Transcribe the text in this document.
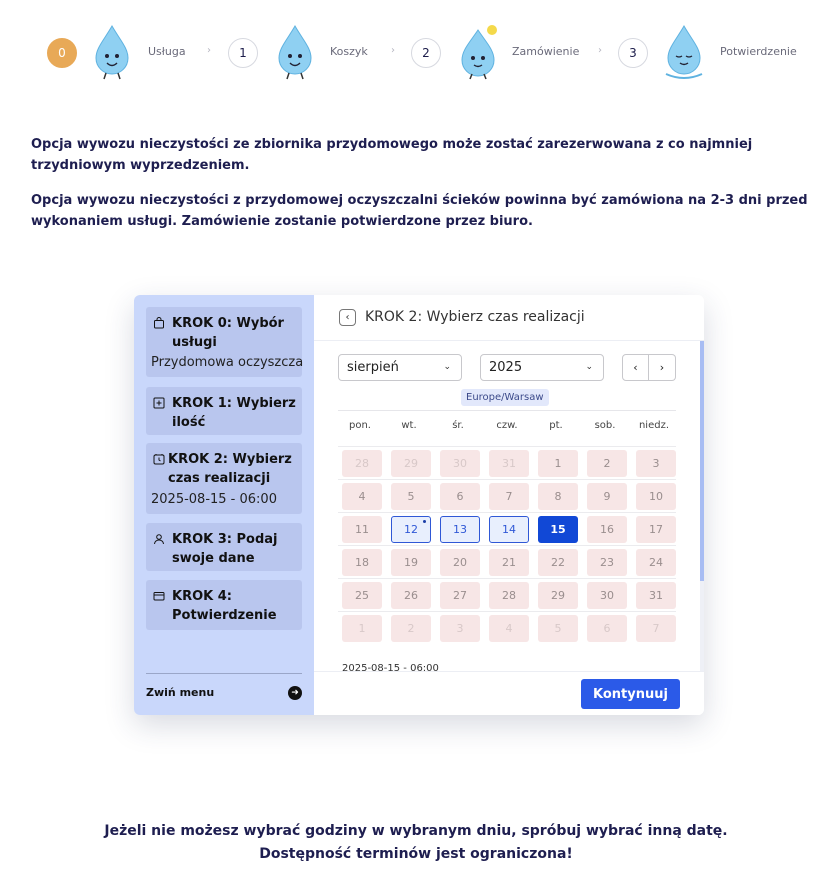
0	Usługa ›	1	Koszyk ›	2	Zamówienie ›	3	Potwierdzenie

Opcja wywozu nieczystości ze zbiornika przydomowego może zostać zarezerwowana z co najmniej trzydniowym wyprzedzeniem.

Opcja wywozu nieczystości z przydomowej oczyszczalni ścieków powinna być zamówiona na 2-3 dni przed wykonaniem usługi. Zamówienie zostanie potwierdzone przez biuro.

KROK 0: Wybór usługi
Przydomowa oczyszcza
KROK 1: Wybierz ilość
KROK 2: Wybierz czas realizacji
2025-08-15 - 06:00
KROK 3: Podaj swoje dane
KROK 4: Potwierdzenie
Zwiń menu	➜
‹ KROK 2: Wybierz czas realizacji
sierpień	⌄	2025	⌄	‹ ›
Europe/Warsaw
pon.	wt.	śr.	czw.	pt.	sob.	niedz.
28	29	30	31	1	2	3
4	5	6	7	8	9	10
11	12	13	14	15	16	17
18	19	20	21	22	23	24
25	26	27	28	29	30	31
1	2	3	4	5	6	7
2025-08-15 - 06:00
Kontynuuj
Jeżeli nie możesz wybrać godziny w wybranym dniu, spróbuj wybrać inną datę.
Dostępność terminów jest ograniczona!
